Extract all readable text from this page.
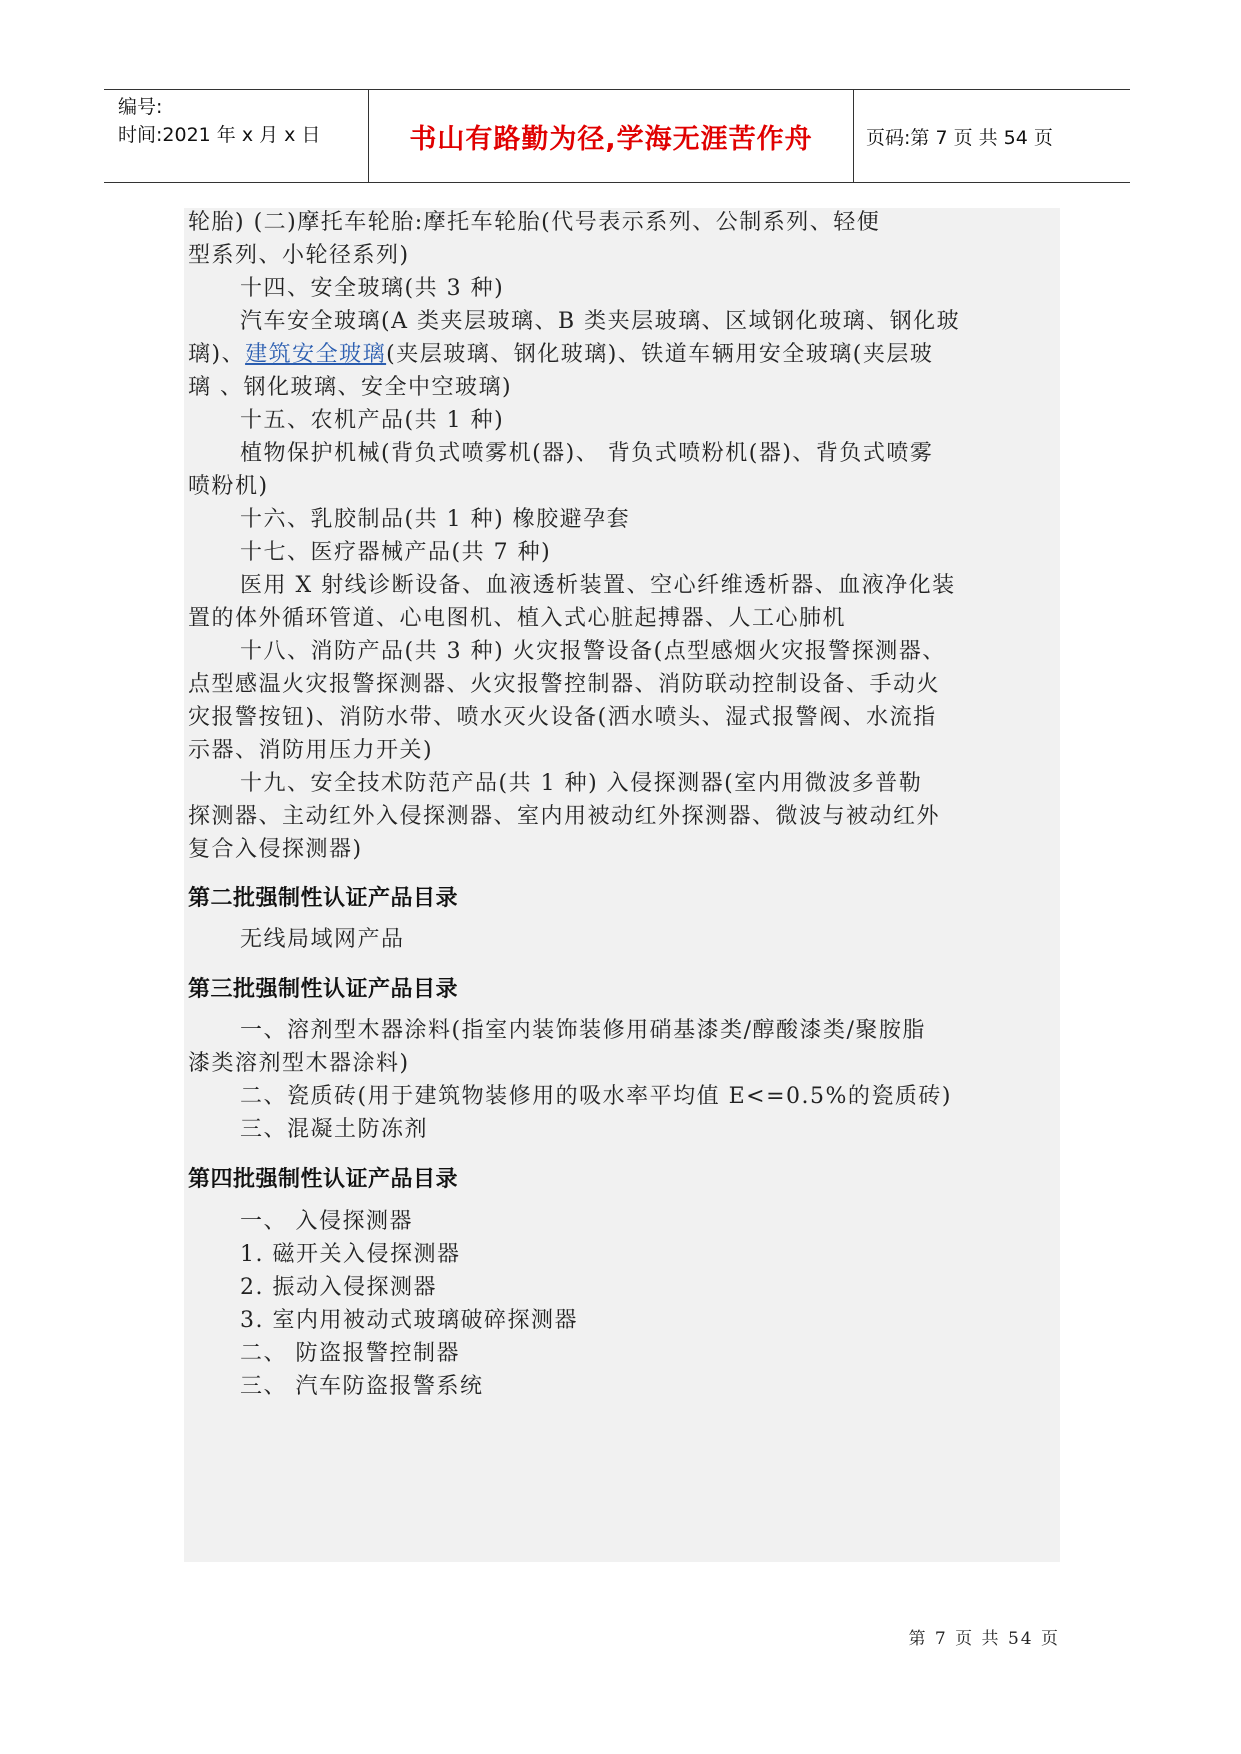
编号:
时间:2021 年 x 月 x 日	书山有路勤为径,学海无涯苦作舟	页码:第 7 页 共 54 页
轮胎) (二)摩托车轮胎:摩托车轮胎(代号表示系列、公制系列、轻便
型系列、小轮径系列)
十四、安全玻璃(共 3 种)
汽车安全玻璃(A 类夹层玻璃、B 类夹层玻璃、区域钢化玻璃、钢化玻
璃)、建筑安全玻璃(夹层玻璃、钢化玻璃)、铁道车辆用安全玻璃(夹层玻
璃 、钢化玻璃、安全中空玻璃)
十五、农机产品(共 1 种)
植物保护机械(背负式喷雾机(器)、 背负式喷粉机(器)、背负式喷雾
喷粉机)
十六、乳胶制品(共 1 种) 橡胶避孕套
十七、医疗器械产品(共 7 种)
医用 X 射线诊断设备、血液透析装置、空心纤维透析器、血液净化装
置的体外循环管道、心电图机、植入式心脏起搏器、人工心肺机
十八、消防产品(共 3 种) 火灾报警设备(点型感烟火灾报警探测器、
点型感温火灾报警探测器、火灾报警控制器、消防联动控制设备、手动火
灾报警按钮)、消防水带、喷水灭火设备(洒水喷头、湿式报警阀、水流指
示器、消防用压力开关)
十九、安全技术防范产品(共 1 种) 入侵探测器(室内用微波多普勒
探测器、主动红外入侵探测器、室内用被动红外探测器、微波与被动红外
复合入侵探测器)
第二批强制性认证产品目录
无线局域网产品
第三批强制性认证产品目录
一、溶剂型木器涂料(指室内装饰装修用硝基漆类/醇酸漆类/聚胺脂
漆类溶剂型木器涂料)
二、瓷质砖(用于建筑物装修用的吸水率平均值 E<=0.5%的瓷质砖)
三、混凝土防冻剂
第四批强制性认证产品目录
一、 入侵探测器
1. 磁开关入侵探测器
2. 振动入侵探测器
3. 室内用被动式玻璃破碎探测器
二、 防盗报警控制器
三、 汽车防盗报警系统
第 7 页 共 54 页
